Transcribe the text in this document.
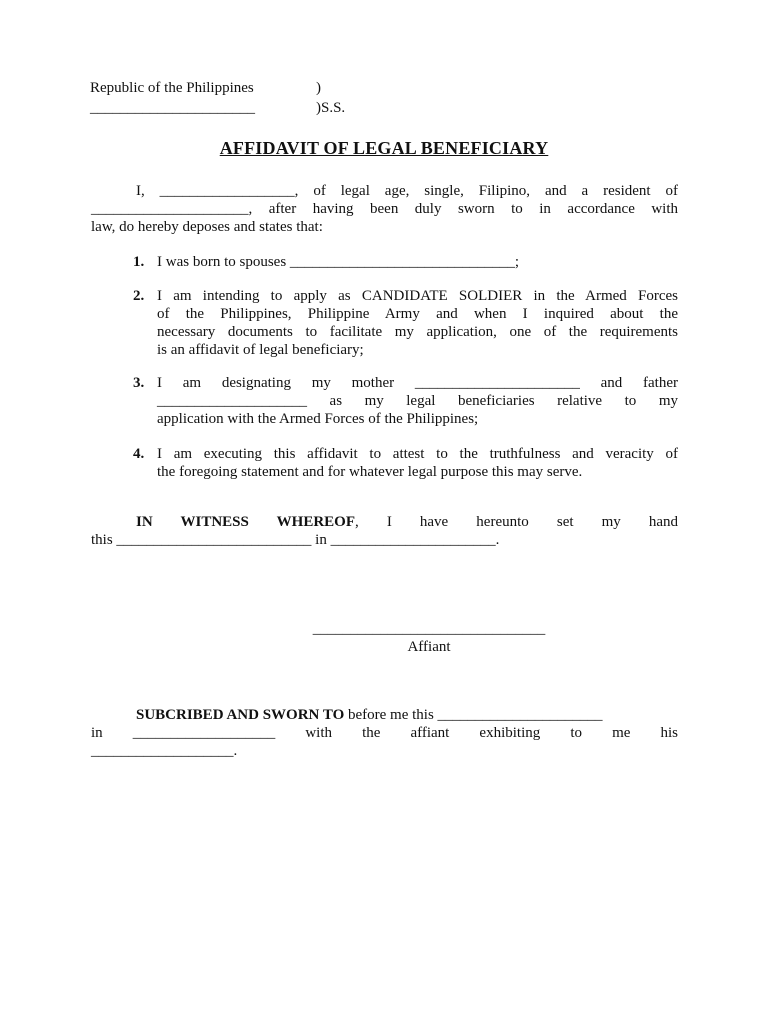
Republic of the Philippines	)
______________________	)S.S.
AFFIDAVIT OF LEGAL BENEFICIARY
I, __________________, of legal age, single, Filipino, and a resident of
_____________________, after having been duly sworn to in accordance with
law, do hereby deposes and states that:
1. I was born to spouses ______________________________;
2. I am intending to apply as CANDIDATE SOLDIER in the Armed Forces
of the Philippines, Philippine Army and when I inquired about the
necessary documents to facilitate my application, one of the requirements
is an affidavit of legal beneficiary;
3. I am designating my mother ______________________ and father
____________________ as my legal beneficiaries relative to my
application with the Armed Forces of the Philippines;
4. I am executing this affidavit to attest to the truthfulness and veracity of
the foregoing statement and for whatever legal purpose this may serve.
IN WITNESS WHEREOF, I have hereunto set my hand
this __________________________ in ______________________.
_______________________________
Affiant
SUBCRIBED AND SWORN TO before me this ______________________
in ___________________ with the affiant exhibiting to me his
___________________.
